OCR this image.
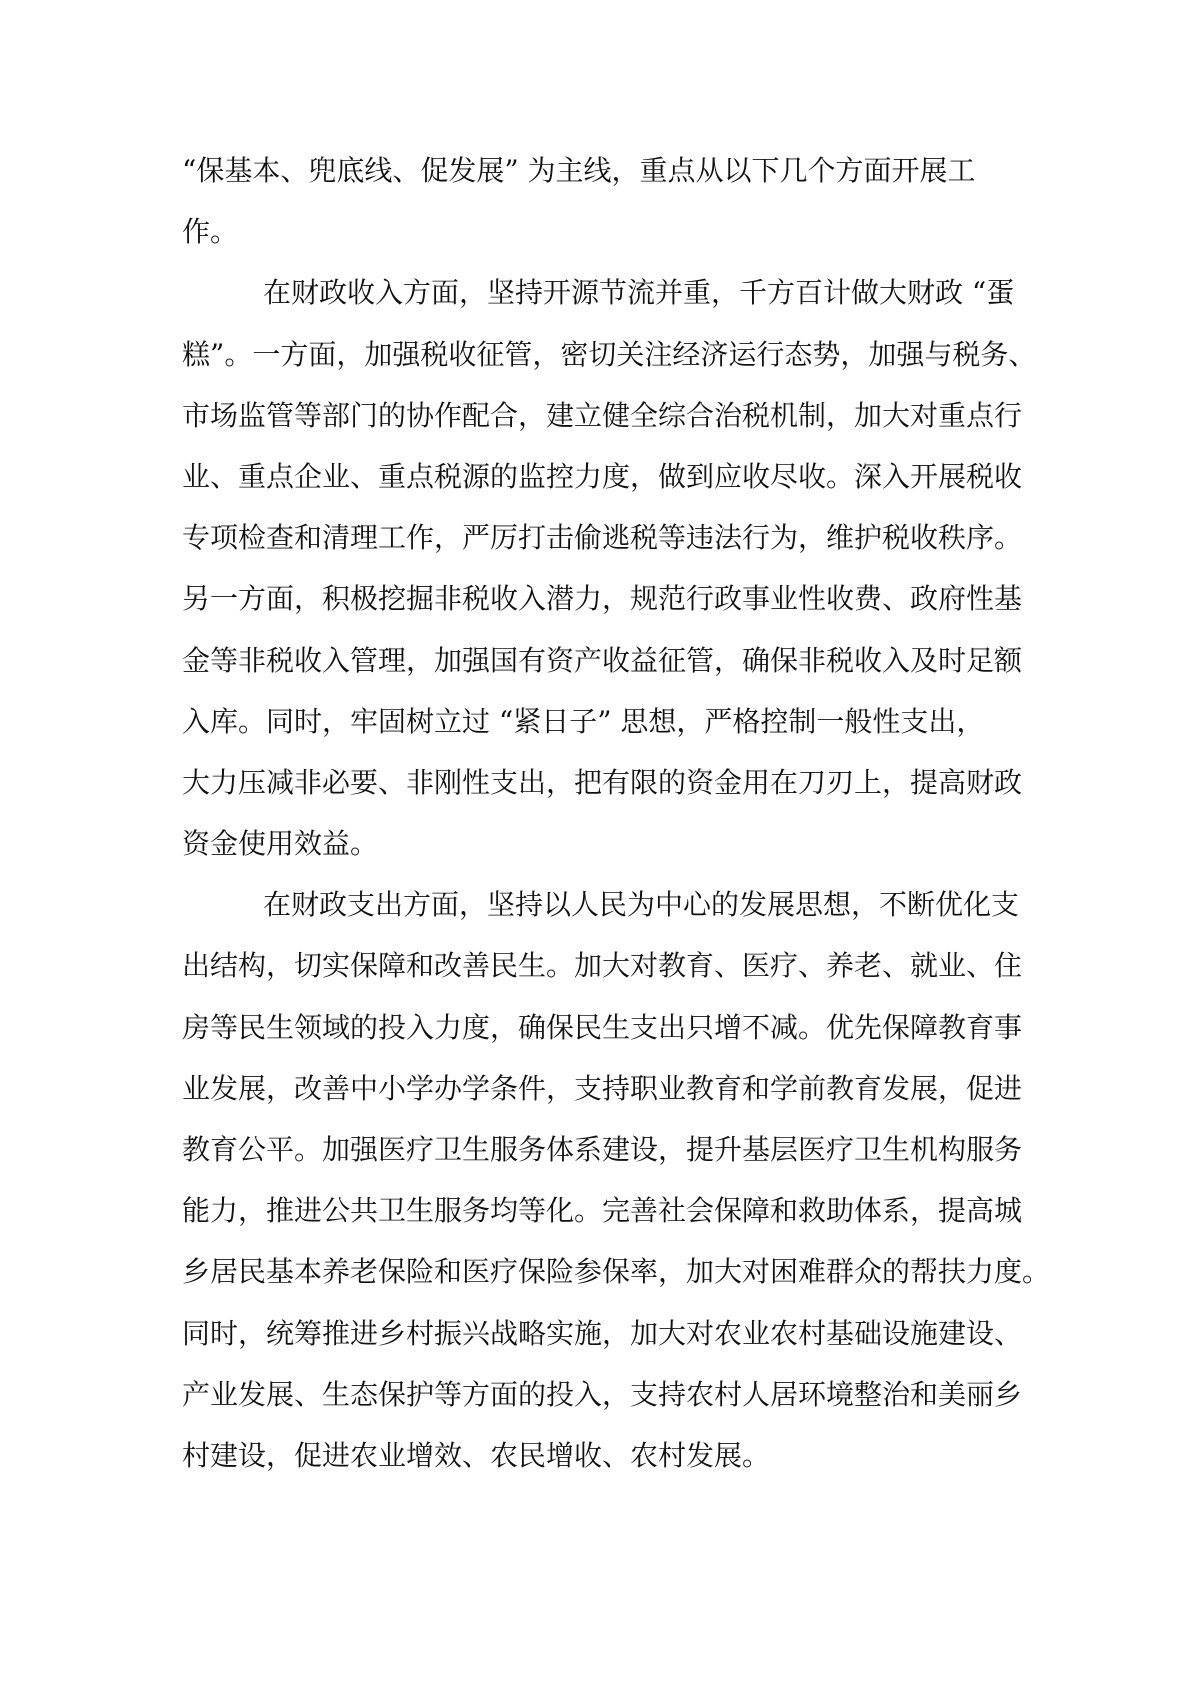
“保基本、兜底线、促发展” 为主线，重点从以下几个方面开展工
作。
在财政收入方面，坚持开源节流并重，千方百计做大财政 “蛋
糕”。一方面，加强税收征管，密切关注经济运行态势，加强与税务、
市场监管等部门的协作配合，建立健全综合治税机制，加大对重点行
业、重点企业、重点税源的监控力度，做到应收尽收。深入开展税收
专项检查和清理工作，严厉打击偷逃税等违法行为，维护税收秩序。
另一方面，积极挖掘非税收入潜力，规范行政事业性收费、政府性基
金等非税收入管理，加强国有资产收益征管，确保非税收入及时足额
入库。同时，牢固树立过 “紧日子” 思想，严格控制一般性支出，
大力压减非必要、非刚性支出，把有限的资金用在刀刃上，提高财政
资金使用效益。
在财政支出方面，坚持以人民为中心的发展思想，不断优化支
出结构，切实保障和改善民生。加大对教育、医疗、养老、就业、住
房等民生领域的投入力度，确保民生支出只增不减。优先保障教育事
业发展，改善中小学办学条件，支持职业教育和学前教育发展，促进
教育公平。加强医疗卫生服务体系建设，提升基层医疗卫生机构服务
能力，推进公共卫生服务均等化。完善社会保障和救助体系，提高城
乡居民基本养老保险和医疗保险参保率，加大对困难群众的帮扶力度。
同时，统筹推进乡村振兴战略实施，加大对农业农村基础设施建设、
产业发展、生态保护等方面的投入，支持农村人居环境整治和美丽乡
村建设，促进农业增效、农民增收、农村发展。
